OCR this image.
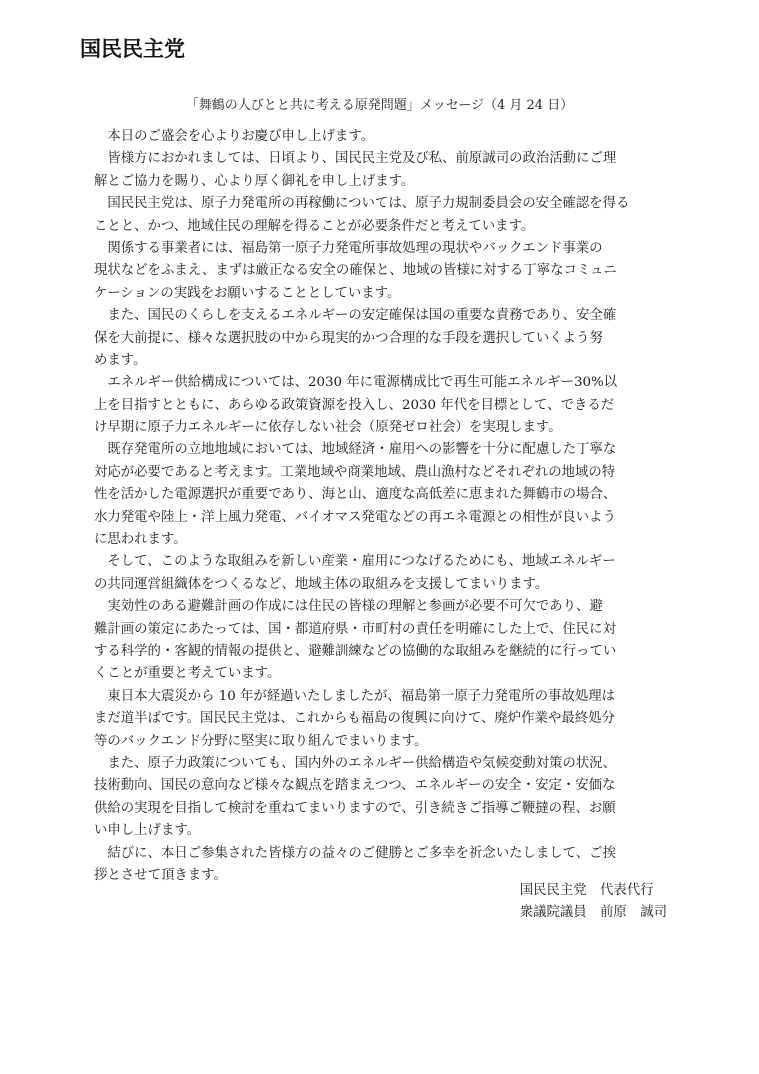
国民民主党
「舞鶴の人びとと共に考える原発問題」メッセージ（4 月 24 日）
　本日のご盛会を心よりお慶び申し上げます。
　皆様方におかれましては、日頃より、国民民主党及び私、前原誠司の政治活動にご理
解とご協力を賜り、心より厚く御礼を申し上げます。
　国民民主党は、原子力発電所の再稼働については、原子力規制委員会の安全確認を得る
ことと、かつ、地域住民の理解を得ることが必要条件だと考えています。
　関係する事業者には、福島第一原子力発電所事故処理の現状やバックエンド事業の
現状などをふまえ、まずは厳正なる安全の確保と、地域の皆様に対する丁寧なコミュニ
ケーションの実践をお願いすることとしています。
　また、国民のくらしを支えるエネルギーの安定確保は国の重要な責務であり、安全確
保を大前提に、様々な選択肢の中から現実的かつ合理的な手段を選択していくよう努
めます。
　エネルギー供給構成については、2030 年に電源構成比で再生可能エネルギー30%以
上を目指すとともに、あらゆる政策資源を投入し、2030 年代を目標として、できるだ
け早期に原子力エネルギーに依存しない社会（原発ゼロ社会）を実現します。
　既存発電所の立地地域においては、地域経済・雇用への影響を十分に配慮した丁寧な
対応が必要であると考えます。工業地域や商業地域、農山漁村などそれぞれの地域の特
性を活かした電源選択が重要であり、海と山、適度な高低差に恵まれた舞鶴市の場合、
水力発電や陸上・洋上風力発電、バイオマス発電などの再エネ電源との相性が良いよう
に思われます。
　そして、このような取組みを新しい産業・雇用につなげるためにも、地域エネルギー
の共同運営組織体をつくるなど、地域主体の取組みを支援してまいります。
　実効性のある避難計画の作成には住民の皆様の理解と参画が必要不可欠であり、避
難計画の策定にあたっては、国・都道府県・市町村の責任を明確にした上で、住民に対
する科学的・客観的情報の提供と、避難訓練などの協働的な取組みを継続的に行ってい
くことが重要と考えています。
　東日本大震災から 10 年が経過いたしましたが、福島第一原子力発電所の事故処理は
まだ道半ばです。国民民主党は、これからも福島の復興に向けて、廃炉作業や最終処分
等のバックエンド分野に堅実に取り組んでまいります。
　また、原子力政策についても、国内外のエネルギー供給構造や気候変動対策の状況、
技術動向、国民の意向など様々な観点を踏まえつつ、エネルギーの安全・安定・安価な
供給の実現を目指して検討を重ねてまいりますので、引き続きご指導ご鞭撻の程、お願
い申し上げます。
　結びに、本日ご参集された皆様方の益々のご健勝とご多幸を祈念いたしまして、ご挨
拶とさせて頂きます。
国民民主党　代表代行
衆議院議員　前原　誠司
